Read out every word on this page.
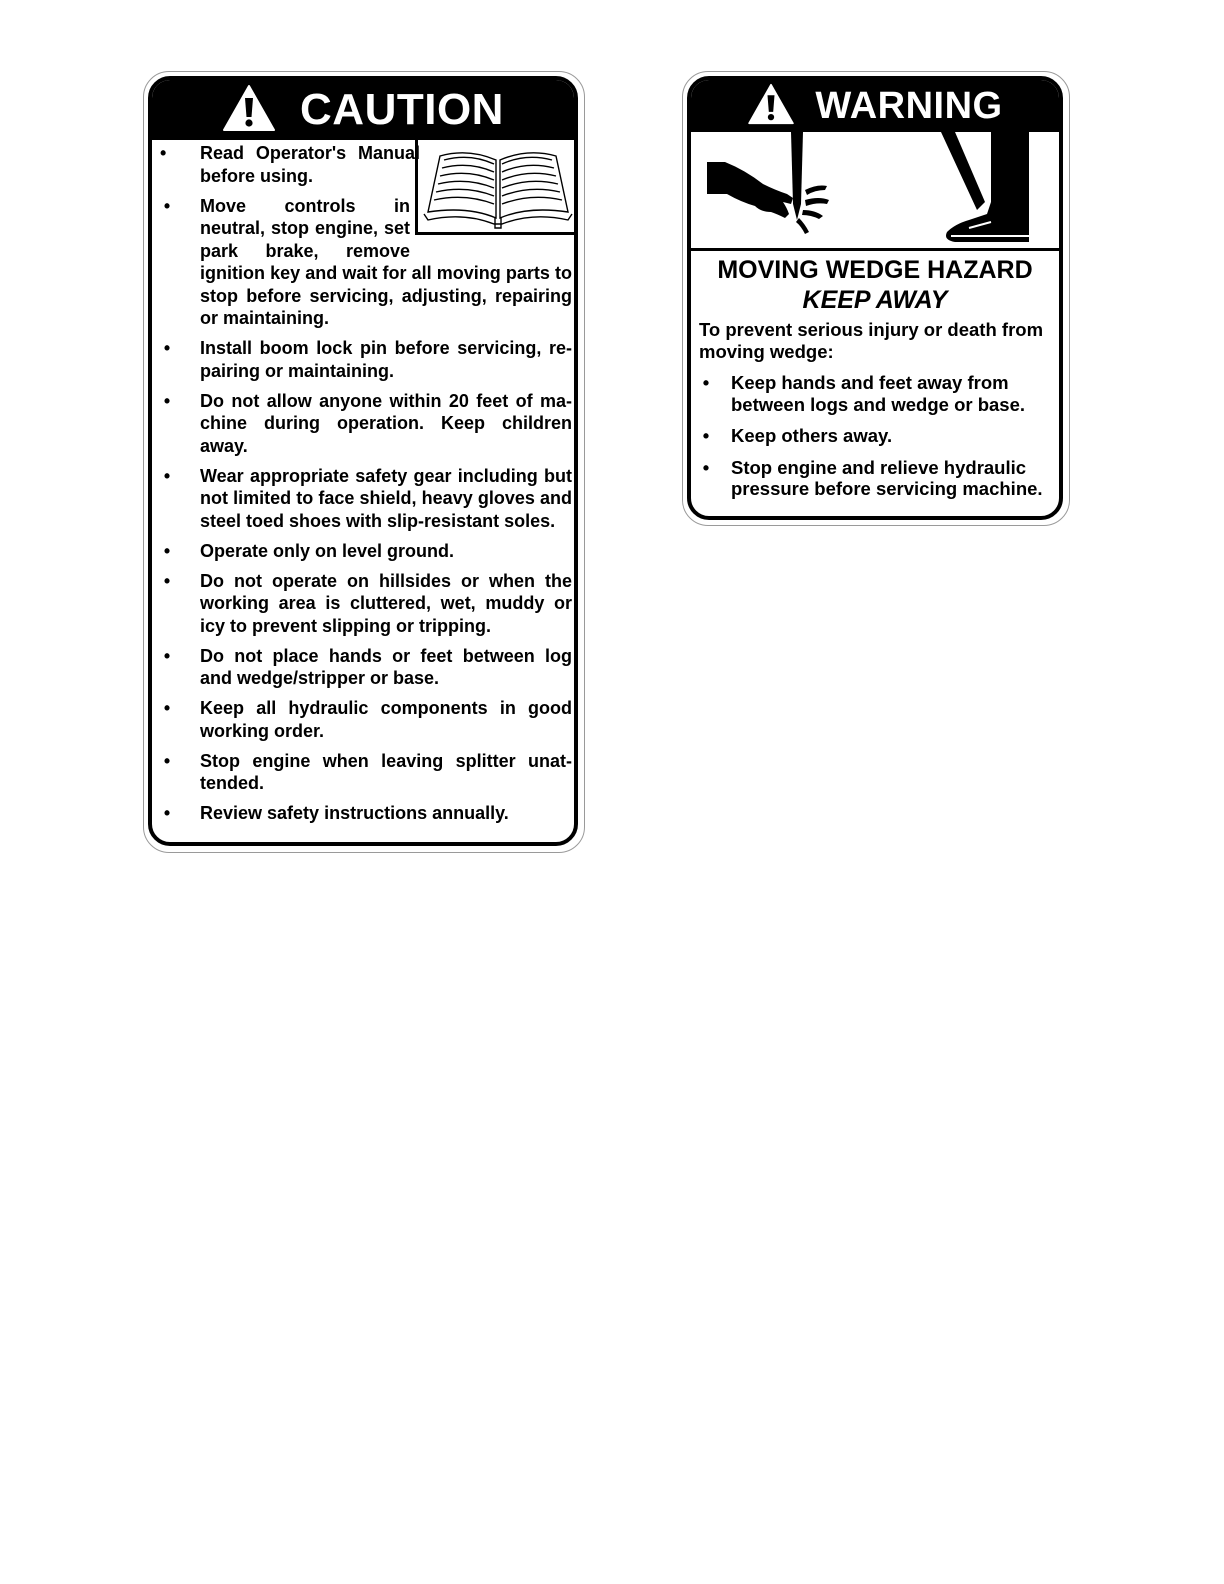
CAUTION
•	Read Operator's Manual before using.
• Move controls in neutral, stop engine, set park brake, remove ignition key and wait for all moving parts to stop before servicing, adjusting, repairing or maintaining.
• Install boom lock pin before servicing, re-pairing or maintaining.
• Do not allow anyone within 20 feet of ma-chine during operation. Keep children away.
• Wear appropriate safety gear including but not limited to face shield, heavy gloves and steel toed shoes with slip-resistant soles.
• Operate only on level ground.
• Do not operate on hillsides or when the working area is cluttered, wet, muddy or icy to prevent slipping or tripping.
• Do not place hands or feet between log and wedge/stripper or base.
• Keep all hydraulic components in good working order.
• Stop engine when leaving splitter unat-tended.
• Review safety instructions annually.
WARNING
MOVING WEDGE HAZARD
KEEP AWAY
To prevent serious injury or death from moving wedge:
• Keep hands and feet away from between logs and wedge or base.
• Keep others away.
• Stop engine and relieve hydraulic pressure before servicing machine.
